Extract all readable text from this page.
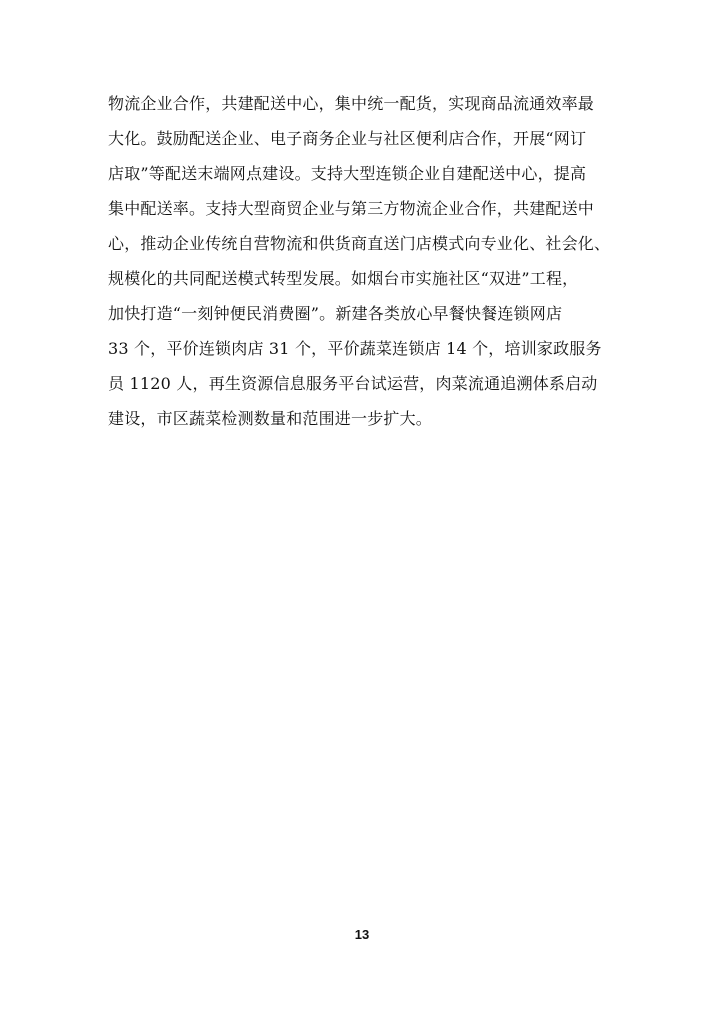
物流企业合作，共建配送中心，集中统一配货，实现商品流通效率最
大化。鼓励配送企业、电子商务企业与社区便利店合作，开展“网订
店取”等配送末端网点建设。支持大型连锁企业自建配送中心，提高
集中配送率。支持大型商贸企业与第三方物流企业合作，共建配送中
心，推动企业传统自营物流和供货商直送门店模式向专业化、社会化、
规模化的共同配送模式转型发展。如烟台市实施社区“双进”工程，
加快打造“一刻钟便民消费圈”。新建各类放心早餐快餐连锁网店
33 个，平价连锁肉店 31 个，平价蔬菜连锁店 14 个，培训家政服务
员 1120 人，再生资源信息服务平台试运营，肉菜流通追溯体系启动
建设，市区蔬菜检测数量和范围进一步扩大。
13
